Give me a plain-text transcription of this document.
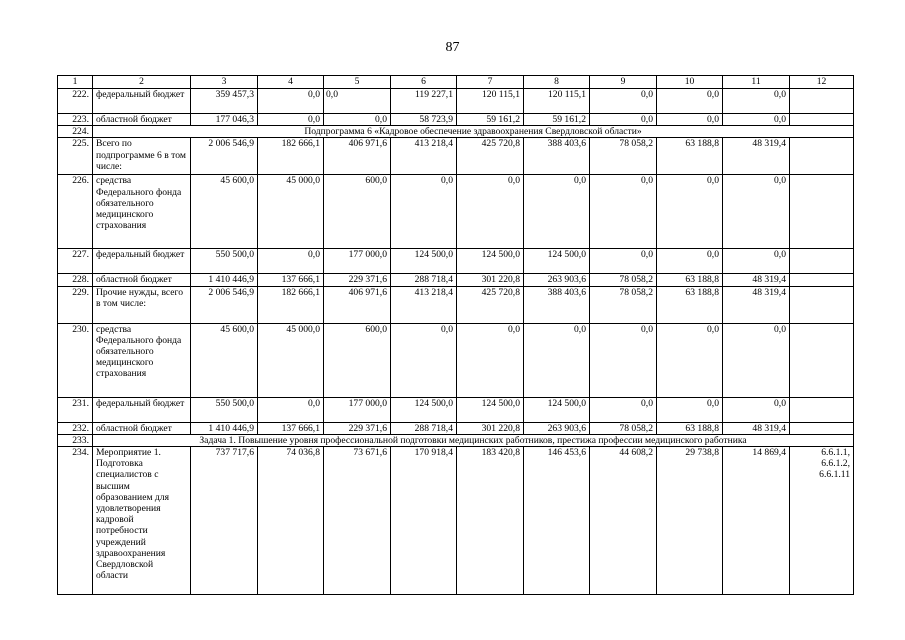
87
1	2	3	4	5	6	7	8	9	10	11	12
222.	федеральный бюджет	359 457,3	0,0	0,0	119 227,1	120 115,1	120 115,1	0,0	0,0	0,0	
223.	областной бюджет	177 046,3	0,0	0,0	58 723,9	59 161,2	59 161,2	0,0	0,0	0,0	
224.	Подпрограмма 6 «Кадровое обеспечение здравоохранения Свердловской области»										
225.	Всего по подпрограмме 6 в том числе:	2 006 546,9	182 666,1	406 971,6	413 218,4	425 720,8	388 403,6	78 058,2	63 188,8	48 319,4	
226.	средства Федерального фонда обязательного медицинского страхования	45 600,0	45 000,0	600,0	0,0	0,0	0,0	0,0	0,0	0,0	
227.	федеральный бюджет	550 500,0	0,0	177 000,0	124 500,0	124 500,0	124 500,0	0,0	0,0	0,0	
228.	областной бюджет	1 410 446,9	137 666,1	229 371,6	288 718,4	301 220,8	263 903,6	78 058,2	63 188,8	48 319,4	
229.	Прочие нужды, всего в том числе:	2 006 546,9	182 666,1	406 971,6	413 218,4	425 720,8	388 403,6	78 058,2	63 188,8	48 319,4	
230.	средства Федерального фонда обязательного медицинского страхования	45 600,0	45 000,0	600,0	0,0	0,0	0,0	0,0	0,0	0,0	
231.	федеральный бюджет	550 500,0	0,0	177 000,0	124 500,0	124 500,0	124 500,0	0,0	0,0	0,0	
232.	областной бюджет	1 410 446,9	137 666,1	229 371,6	288 718,4	301 220,8	263 903,6	78 058,2	63 188,8	48 319,4	
233.	Задача 1. Повышение уровня профессиональной подготовки медицинских работников, престижа профессии медицинского работника										
234.	Мероприятие 1. Подготовка специалистов с высшим образованием для удовлетворения кадровой потребности учреждений здравоохранения Свердловской области	737 717,6	74 036,8	73 671,6	170 918,4	183 420,8	146 453,6	44 608,2	29 738,8	14 869,4	6.6.1.1, 6.6.1.2, 6.6.1.11
